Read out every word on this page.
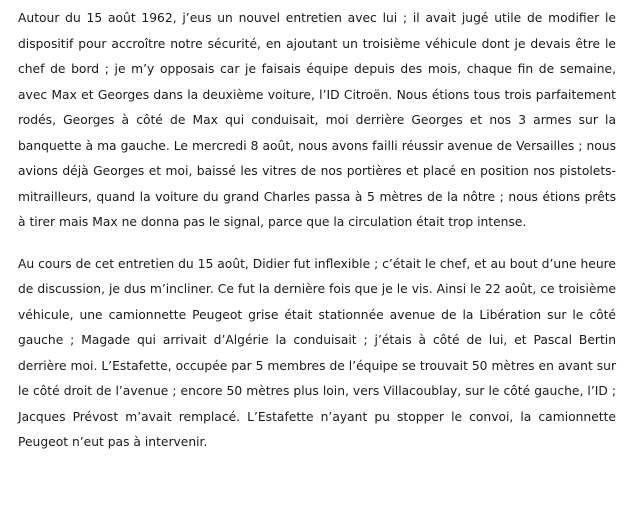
Autour du 15 août 1962, j’eus un nouvel entretien avec lui ; il avait jugé utile de modifier le dispositif pour accroître notre sécurité, en ajoutant un troisième véhicule dont je devais être le chef de bord ; je m’y opposais car je faisais équipe depuis des mois, chaque fin de semaine, avec Max et Georges dans la deuxième voiture, l’ID Citroën. Nous étions tous trois parfaitement rodés, Georges à côté de Max qui conduisait, moi derrière Georges et nos 3 armes sur la banquette à ma gauche. Le mercredi 8 août, nous avons failli réussir avenue de Versailles ; nous avions déjà Georges et moi, baissé les vitres de nos portières et placé en position nos pistolets-mitrailleurs, quand la voiture du grand Charles passa à 5 mètres de la nôtre ; nous étions prêts à tirer mais Max ne donna pas le signal, parce que la circulation était trop intense.

Au cours de cet entretien du 15 août, Didier fut inflexible ; c’était le chef, et au bout d’une heure de discussion, je dus m’incliner. Ce fut la dernière fois que je le vis. Ainsi le 22 août, ce troisième véhicule, une camionnette Peugeot grise était stationnée avenue de la Libération sur le côté gauche ; Magade qui arrivait d’Algérie la conduisait ; j’étais à côté de lui, et Pascal Bertin derrière moi. L’Estafette, occupée par 5 membres de l’équipe se trouvait 50 mètres en avant sur le côté droit de l’avenue ; encore 50 mètres plus loin, vers Villacoublay, sur le côté gauche, l’ID ; Jacques Prévost m’avait remplacé. L’Estafette n’ayant pu stopper le convoi, la camionnette Peugeot n’eut pas à intervenir.
